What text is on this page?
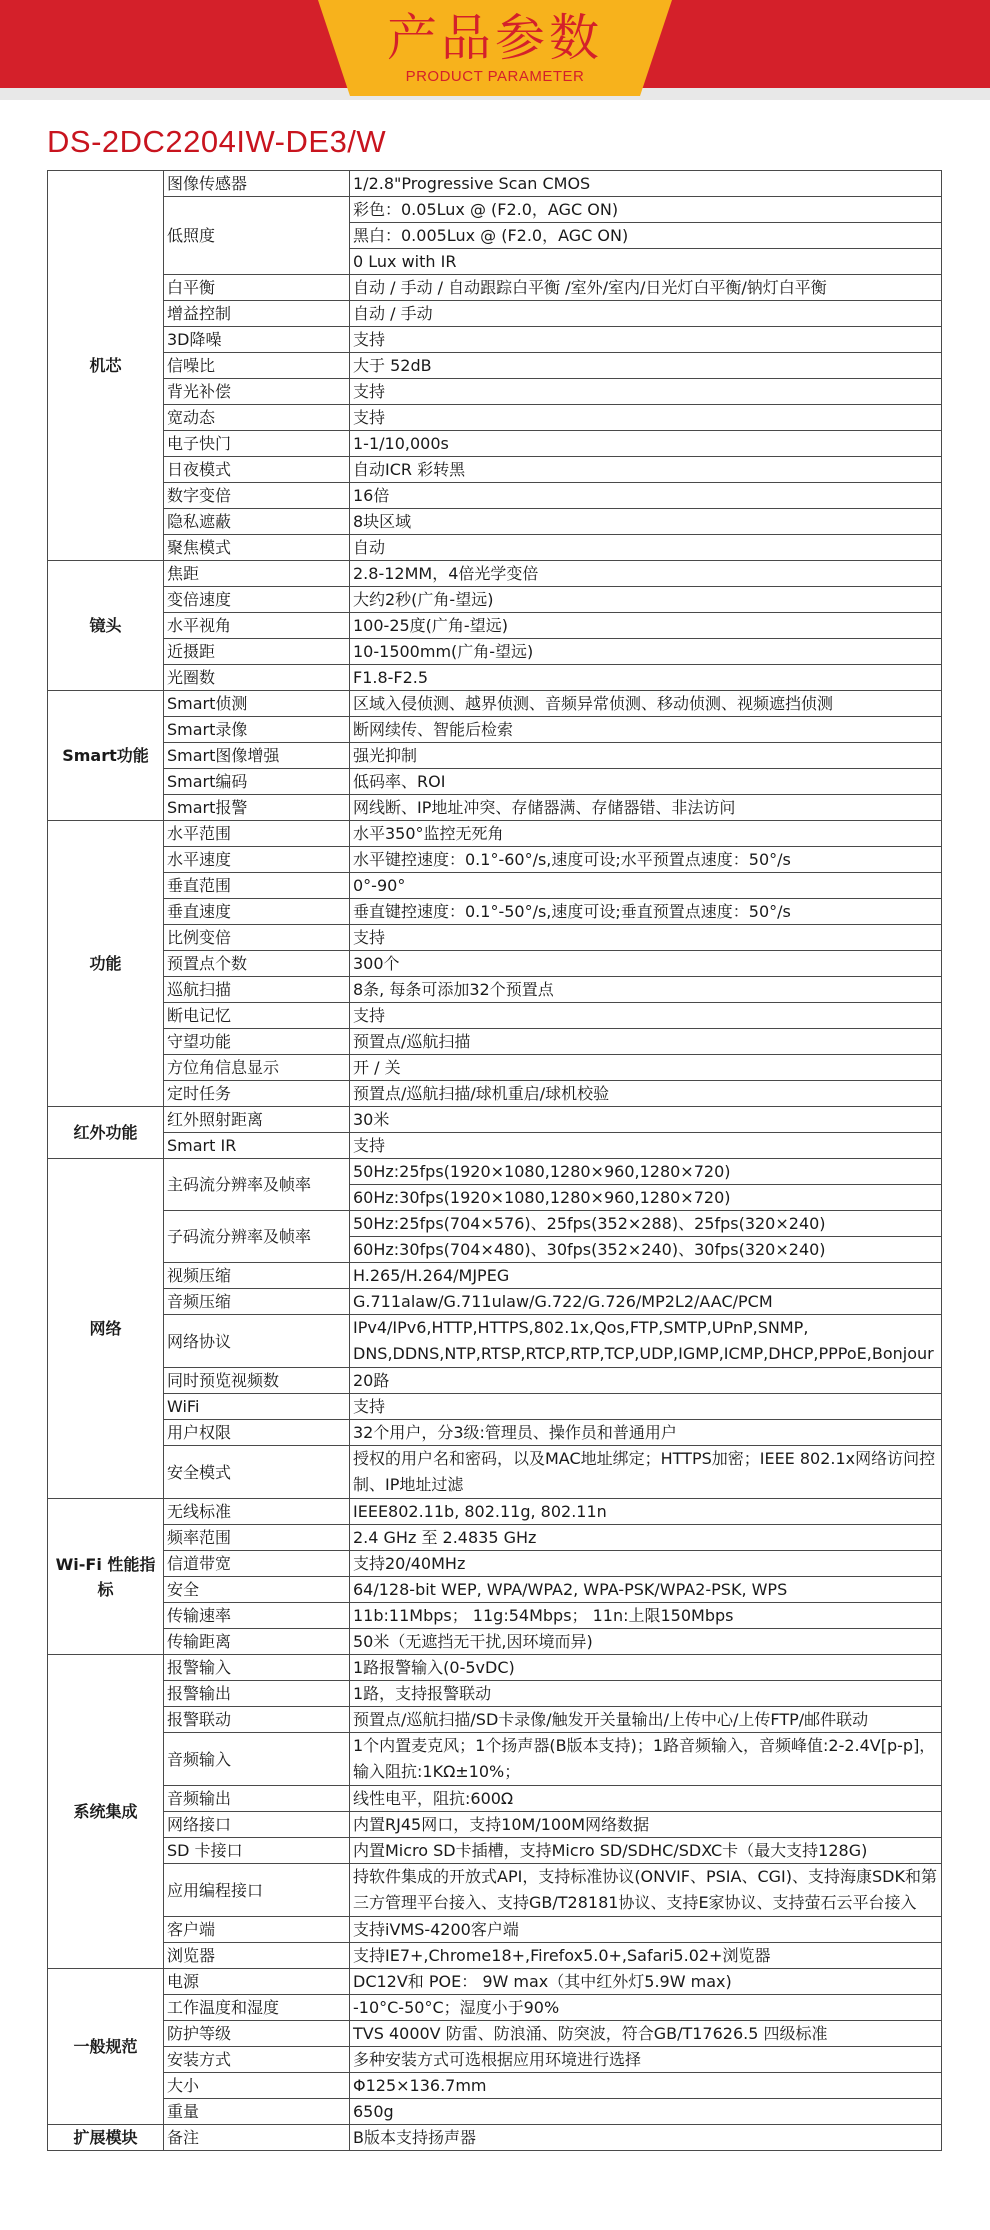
产品参数
PRODUCT PARAMETER
DS-2DC2204IW-DE3/W
机芯	图像传感器	1/2.8"Progressive Scan CMOS
	低照度	彩色：0.05Lux @ (F2.0，AGC ON)
		黑白：0.005Lux @ (F2.0，AGC ON)
		0 Lux with IR
	白平衡	自动 / 手动 / 自动跟踪白平衡 /室外/室内/日光灯白平衡/钠灯白平衡
	增益控制	自动 / 手动
	3D降噪	支持
	信噪比	大于 52dB
	背光补偿	支持
	宽动态	支持
	电子快门	1-1/10,000s
	日夜模式	自动ICR 彩转黑
	数字变倍	16倍
	隐私遮蔽	8块区域
	聚焦模式	自动
镜头	焦距	2.8-12MM，4倍光学变倍
	变倍速度	大约2秒(广角-望远)
	水平视角	100-25度(广角-望远)
	近摄距	10-1500mm(广角-望远)
	光圈数	F1.8-F2.5
Smart功能	Smart侦测	区域入侵侦测、越界侦测、音频异常侦测、移动侦测、视频遮挡侦测
	Smart录像	断网续传、智能后检索
	Smart图像增强	强光抑制
	Smart编码	低码率、ROI
	Smart报警	网线断、IP地址冲突、存储器满、存储器错、非法访问
功能	水平范围	水平350°监控无死角
	水平速度	水平键控速度：0.1°-60°/s,速度可设;水平预置点速度：50°/s
	垂直范围	0°-90°
	垂直速度	垂直键控速度：0.1°-50°/s,速度可设;垂直预置点速度：50°/s
	比例变倍	支持
	预置点个数	300个
	巡航扫描	8条, 每条可添加32个预置点
	断电记忆	支持
	守望功能	预置点/巡航扫描
	方位角信息显示	开 / 关
	定时任务	预置点/巡航扫描/球机重启/球机校验
红外功能	红外照射距离	30米
	Smart IR	支持
网络	主码流分辨率及帧率	50Hz:25fps(1920×1080,1280×960,1280×720)
		60Hz:30fps(1920×1080,1280×960,1280×720)
	子码流分辨率及帧率	50Hz:25fps(704×576)、25fps(352×288)、25fps(320×240)
		60Hz:30fps(704×480)、30fps(352×240)、30fps(320×240)
	视频压缩	H.265/H.264/MJPEG
	音频压缩	G.711alaw/G.711ulaw/G.722/G.726/MP2L2/AAC/PCM
	网络协议	IPv4/IPv6,HTTP,HTTPS,802.1x,Qos,FTP,SMTP,UPnP,SNMP,
DNS,DDNS,NTP,RTSP,RTCP,RTP,TCP,UDP,IGMP,ICMP,DHCP,PPPoE,Bonjour

	同时预览视频数	20路
	WiFi	支持
	用户权限	32个用户，分3级:管理员、操作员和普通用户
	安全模式	授权的用户名和密码，以及MAC地址绑定；HTTPS加密；IEEE 802.1x网络访问控
制、IP地址过滤

Wi-Fi 性能指标	无线标准	IEEE802.11b, 802.11g, 802.11n
	频率范围	2.4 GHz 至 2.4835 GHz
	信道带宽	支持20/40MHz
	安全	64/128-bit WEP, WPA/WPA2, WPA-PSK/WPA2-PSK, WPS
	传输速率	11b:11Mbps； 11g:54Mbps； 11n:上限150Mbps
	传输距离	50米（无遮挡无干扰,因环境而异)
系统集成	报警输入	1路报警输入(0-5vDC)
	报警输出	1路，支持报警联动
	报警联动	预置点/巡航扫描/SD卡录像/触发开关量输出/上传中心/上传FTP/邮件联动
	音频输入	1个内置麦克风；1个扬声器(B版本支持)；1路音频输入，音频峰值:2-2.4V[p-p]，
输入阻抗:1KΩ±10%；

	音频输出	线性电平，阻抗:600Ω
	网络接口	内置RJ45网口，支持10M/100M网络数据
	SD 卡接口	内置Micro SD卡插槽，支持Micro SD/SDHC/SDXC卡（最大支持128G)
	应用编程接口	持软件集成的开放式API，支持标准协议(ONVIF、PSIA、CGI)、支持海康SDK和第
三方管理平台接入、支持GB/T28181协议、支持E家协议、支持萤石云平台接入

	客户端	支持iVMS-4200客户端
	浏览器	支持IE7+,Chrome18+,Firefox5.0+,Safari5.02+浏览器
一般规范	电源	DC12V和 POE： 9W max（其中红外灯5.9W max)
	工作温度和湿度	-10°C-50°C；湿度小于90%
	防护等级	TVS 4000V 防雷、防浪涌、防突波，符合GB/T17626.5 四级标准
	安装方式	多种安装方式可选根据应用环境进行选择
	大小	Φ125×136.7mm
	重量	650g
扩展模块	备注	B版本支持扬声器
